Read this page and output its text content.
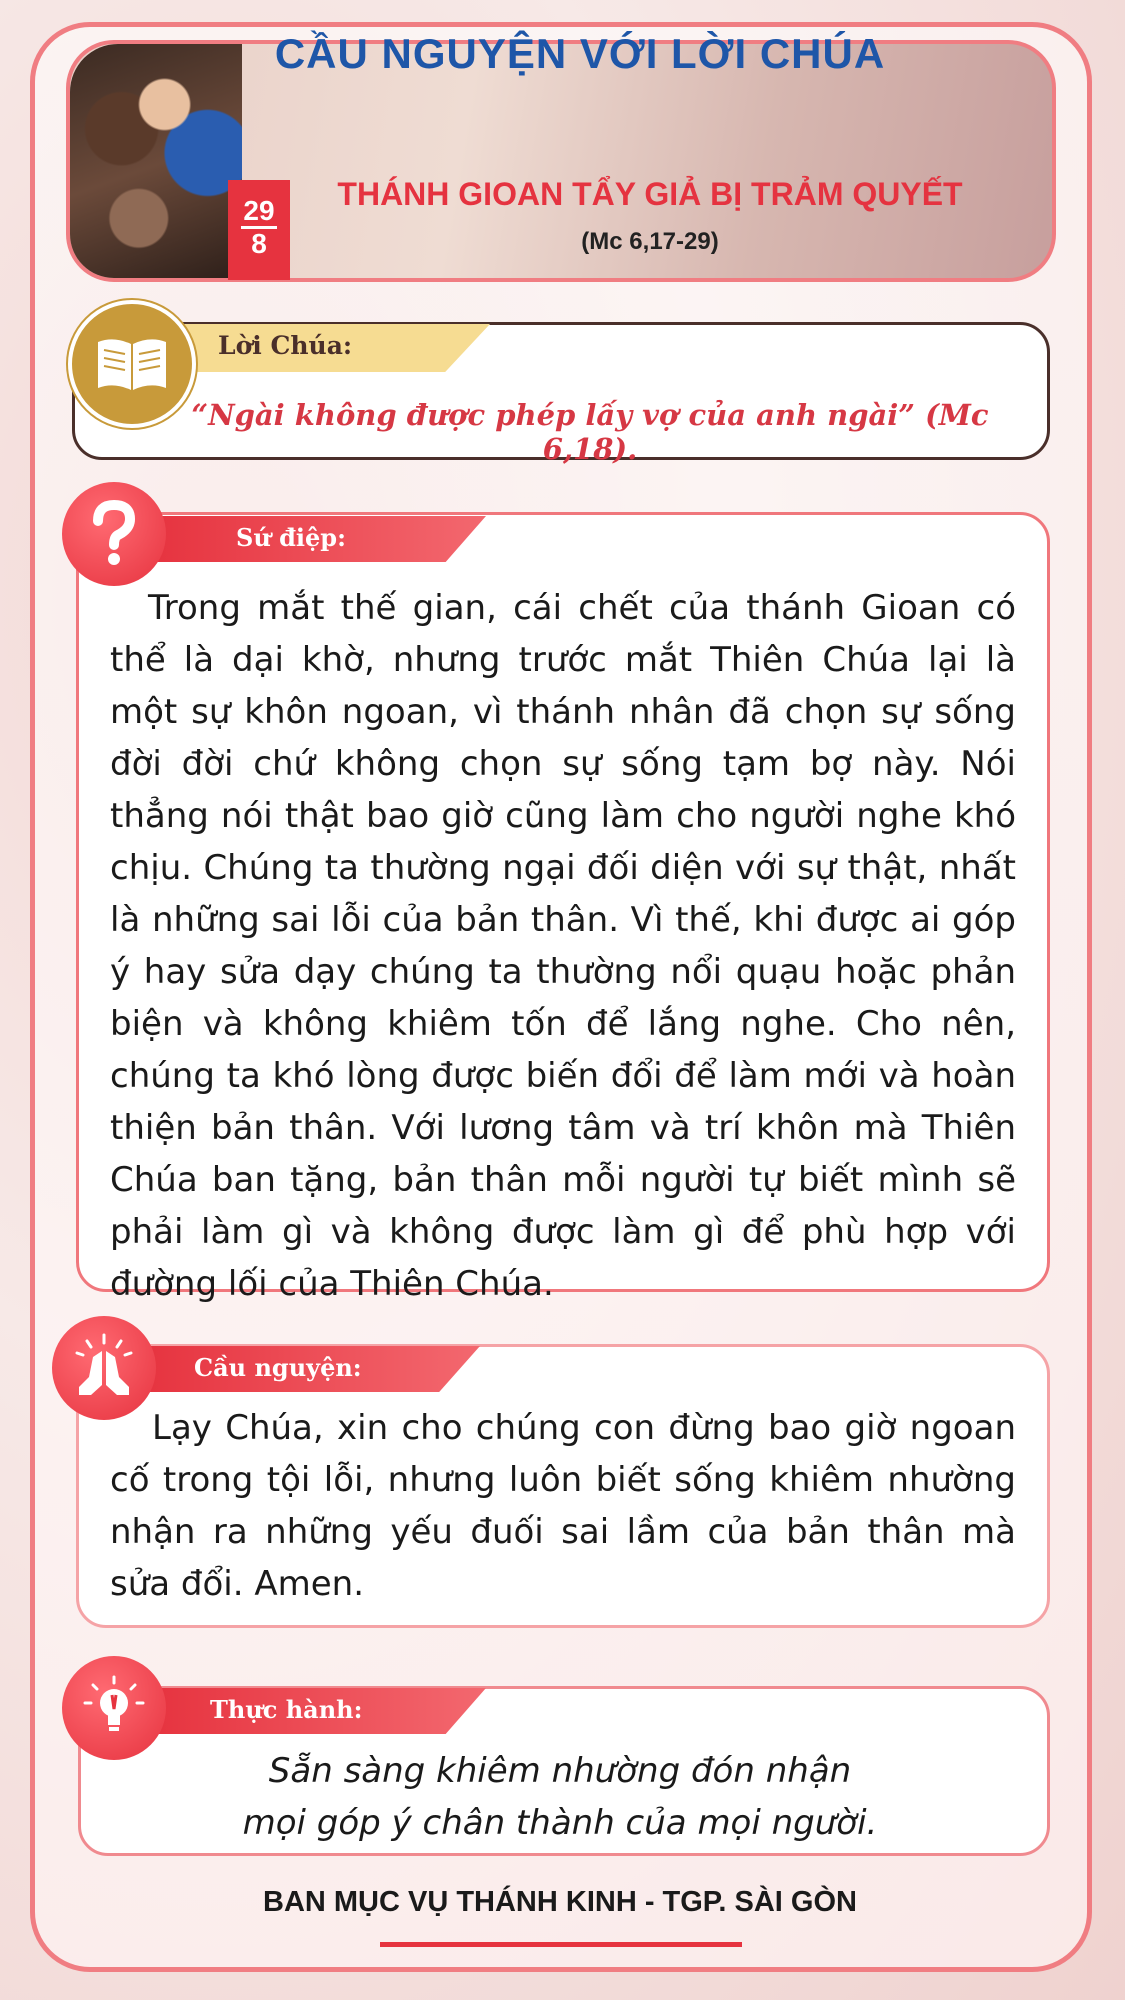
CẦU NGUYỆN VỚI LỜI CHÚA
29
8
THÁNH GIOAN TẨY GIẢ BỊ TRẢM QUYẾT
(Mc 6,17-29)
Lời Chúa:
“Ngài không được phép lấy vợ của anh ngài” (Mc 6,18).
Sứ điệp:
Trong mắt thế gian, cái chết của thánh Gioan có thể là dại khờ, nhưng trước mắt Thiên Chúa lại là một sự khôn ngoan, vì thánh nhân đã chọn sự sống đời đời chứ không chọn sự sống tạm bợ này. Nói thẳng nói thật bao giờ cũng làm cho người nghe khó chịu. Chúng ta thường ngại đối diện với sự thật, nhất là những sai lỗi của bản thân. Vì thế, khi được ai góp ý hay sửa dạy chúng ta thường nổi quạu hoặc phản biện và không khiêm tốn để lắng nghe. Cho nên, chúng ta khó lòng được biến đổi để làm mới và hoàn thiện bản thân. Với lương tâm và trí khôn mà Thiên Chúa ban tặng, bản thân mỗi người tự biết mình sẽ phải làm gì và không được làm gì để phù hợp với đường lối của Thiên Chúa.
Cầu nguyện:
Lạy Chúa, xin cho chúng con đừng bao giờ ngoan cố trong tội lỗi, nhưng luôn biết sống khiêm nhường nhận ra những yếu đuối sai lầm của bản thân mà sửa đổi. Amen.
Thực hành:
Sẵn sàng khiêm nhường đón nhận
mọi góp ý chân thành của mọi người.
BAN MỤC VỤ THÁNH KINH - TGP. SÀI GÒN
